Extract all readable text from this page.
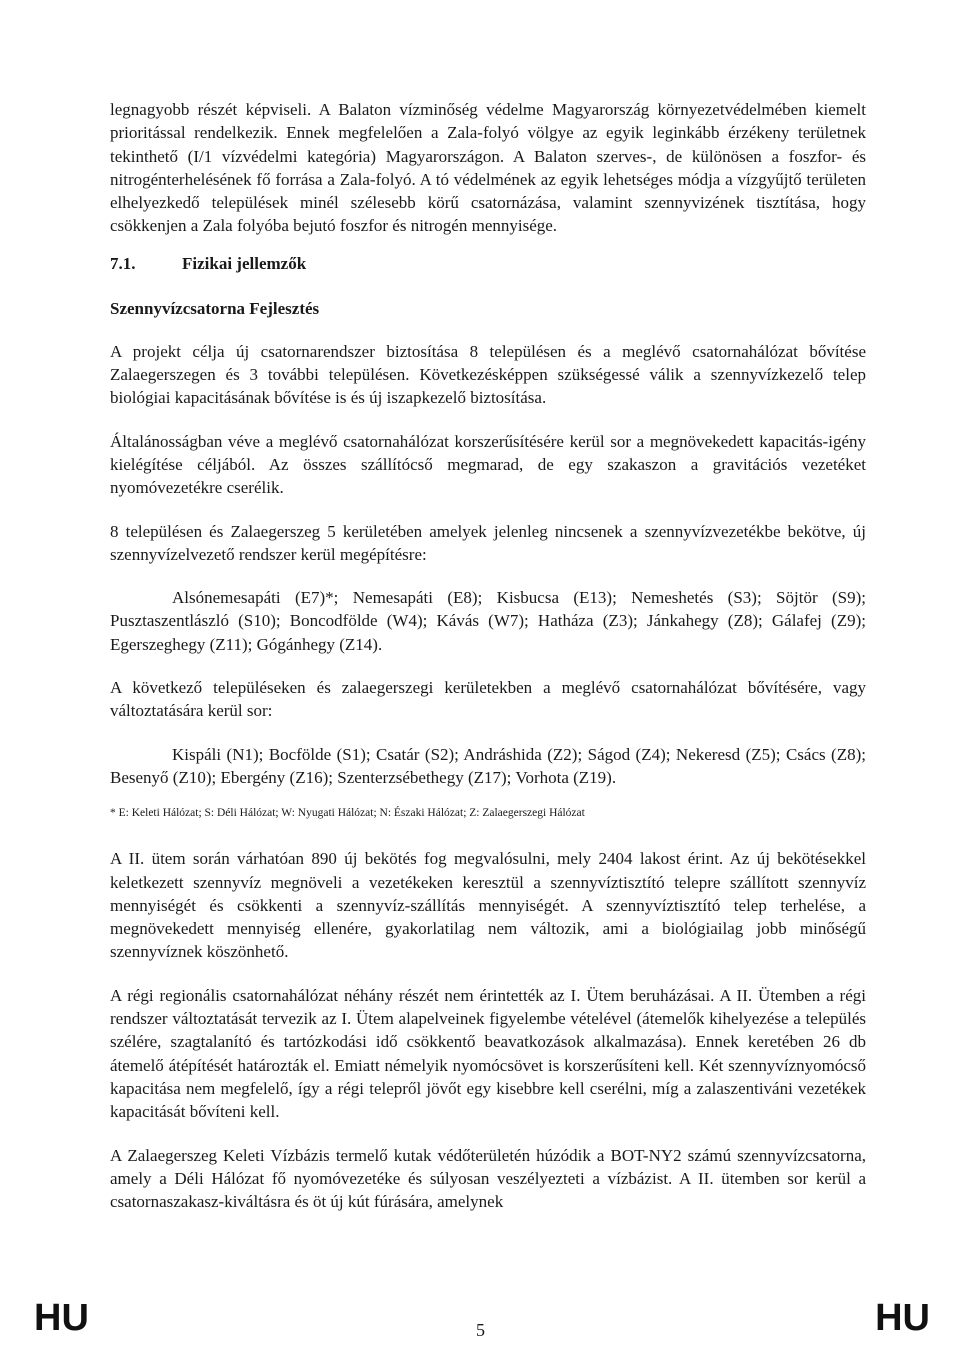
legnagyobb részét képviseli. A Balaton vízminőség védelme Magyarország környezetvédelmében kiemelt prioritással rendelkezik. Ennek megfelelően a Zala-folyó völgye az egyik leginkább érzékeny területnek tekinthető (I/1 vízvédelmi kategória) Magyarországon. A Balaton szerves-, de különösen a foszfor- és nitrogénterhelésének fő forrása a Zala-folyó. A tó védelmének az egyik lehetséges módja a vízgyűjtő területen elhelyezkedő települések minél szélesebb körű csatornázása, valamint szennyvizének tisztítása, hogy csökkenjen a Zala folyóba bejutó foszfor és nitrogén mennyisége.

7.1.	Fizikai jellemzők
Szennyvízcsatorna Fejlesztés

A projekt célja új csatornarendszer biztosítása 8 településen és a meglévő csatornahálózat bővítése Zalaegerszegen és 3 további településen. Következésképpen szükségessé válik a szennyvízkezelő telep biológiai kapacitásának bővítése is és új iszapkezelő biztosítása.

Általánosságban véve a meglévő csatornahálózat korszerűsítésére kerül sor a megnövekedett kapacitás-igény kielégítése céljából. Az összes szállítócső megmarad, de egy szakaszon a gravitációs vezetéket nyomóvezetékre cserélik.

8 településen és Zalaegerszeg 5 kerületében amelyek jelenleg nincsenek a szennyvízvezetékbe bekötve, új szennyvízelvezető rendszer kerül megépítésre:

Alsónemesapáti (E7)*; Nemesapáti (E8); Kisbucsa (E13); Nemeshetés (S3); Söjtör (S9); Pusztaszentlászló (S10); Boncodfölde (W4); Kávás (W7); Hatháza (Z3); Jánkahegy (Z8); Gálafej (Z9); Egerszeghegy (Z11); Gógánhegy (Z14).

A következő településeken és zalaegerszegi kerületekben a meglévő csatornahálózat bővítésére, vagy változtatására kerül sor:

Kispáli (N1); Bocfölde (S1); Csatár (S2); Andráshida (Z2); Ságod (Z4); Nekeresd (Z5); Csács (Z8); Besenyő (Z10); Ebergény (Z16); Szenterzsébethegy (Z17); Vorhota (Z19).

* E: Keleti Hálózat; S: Déli Hálózat; W: Nyugati Hálózat; N: Északi Hálózat; Z: Zalaegerszegi Hálózat

A II. ütem során várhatóan 890 új bekötés fog megvalósulni, mely 2404 lakost érint. Az új bekötésekkel keletkezett szennyvíz megnöveli a vezetékeken keresztül a szennyvíztisztító telepre szállított szennyvíz mennyiségét és csökkenti a szennyvíz-szállítás mennyiségét. A szennyvíztisztító telep terhelése, a megnövekedett mennyiség ellenére, gyakorlatilag nem változik, ami a biológiailag jobb minőségű szennyvíznek köszönhető.

A régi regionális csatornahálózat néhány részét nem érintették az I. Ütem beruházásai. A II. Ütemben a régi rendszer változtatását tervezik az I. Ütem alapelveinek figyelembe vételével (átemelők kihelyezése a település szélére, szagtalanító és tartózkodási idő csökkentő beavatkozások alkalmazása). Ennek keretében 26 db átemelő átépítését határozták el. Emiatt némelyik nyomócsövet is korszerűsíteni kell. Két szennyvíznyomócső kapacitása nem megfelelő, így a régi telepről jövőt egy kisebbre kell cserélni, míg a zalaszentiváni vezetékek kapacitását bővíteni kell.

A Zalaegerszeg Keleti Vízbázis termelő kutak védőterületén húzódik a BOT-NY2 számú szennyvízcsatorna, amely a Déli Hálózat fő nyomóvezetéke és súlyosan veszélyezteti a vízbázist. A II. ütemben sor kerül a csatornaszakasz-kiváltásra és öt új kút fúrására, amelynek

HU	5	HU
